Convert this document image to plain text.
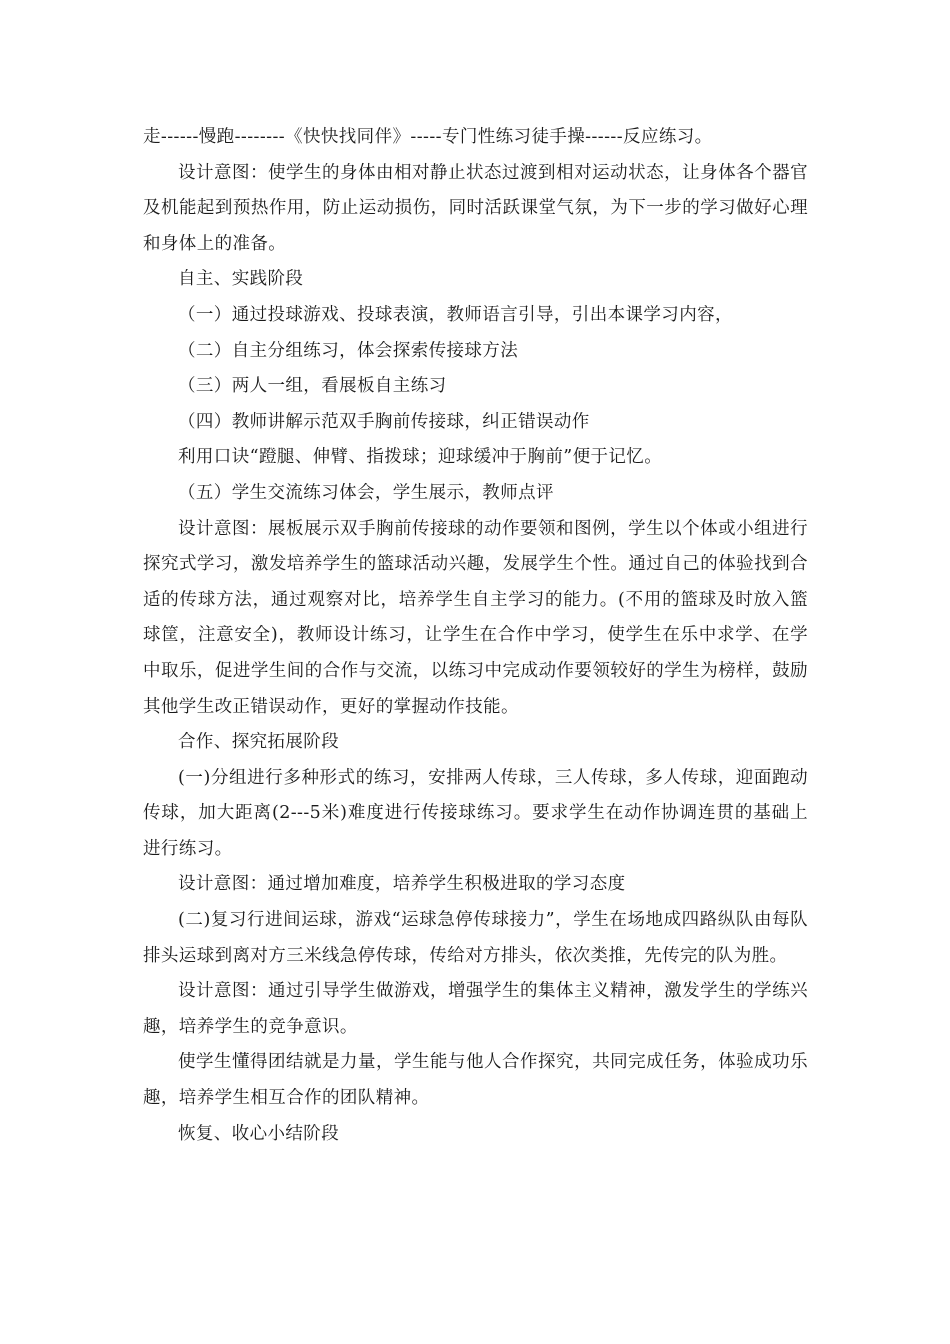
走------慢跑--------《快快找同伴》-----专门性练习徒手操------反应练习。

设计意图：使学生的身体由相对静止状态过渡到相对运动状态，让身体各个器官及机能起到预热作用，防止运动损伤，同时活跃课堂气氛，为下一步的学习做好心理和身体上的准备。

自主、实践阶段

（一）通过投球游戏、投球表演，教师语言引导，引出本课学习内容，

（二）自主分组练习，体会探索传接球方法

（三）两人一组，看展板自主练习

（四）教师讲解示范双手胸前传接球，纠正错误动作

利用口诀“蹬腿、伸臂、指拨球；迎球缓冲于胸前”便于记忆。

（五）学生交流练习体会，学生展示，教师点评

设计意图：展板展示双手胸前传接球的动作要领和图例，学生以个体或小组进行探究式学习，激发培养学生的篮球活动兴趣，发展学生个性。通过自己的体验找到合适的传球方法，通过观察对比，培养学生自主学习的能力。(不用的篮球及时放入篮球筐，注意安全)，教师设计练习，让学生在合作中学习，使学生在乐中求学、在学中取乐，促进学生间的合作与交流，以练习中完成动作要领较好的学生为榜样，鼓励其他学生改正错误动作，更好的掌握动作技能。

合作、探究拓展阶段

(一)分组进行多种形式的练习，安排两人传球，三人传球，多人传球，迎面跑动传球，加大距离(2---5米)难度进行传接球练习。要求学生在动作协调连贯的基础上进行练习。

设计意图：通过增加难度，培养学生积极进取的学习态度

(二)复习行进间运球，游戏“运球急停传球接力”，学生在场地成四路纵队由每队排头运球到离对方三米线急停传球，传给对方排头，依次类推，先传完的队为胜。

设计意图：通过引导学生做游戏，增强学生的集体主义精神，激发学生的学练兴趣，培养学生的竞争意识。

使学生懂得团结就是力量，学生能与他人合作探究，共同完成任务，体验成功乐趣，培养学生相互合作的团队精神。

恢复、收心小结阶段
